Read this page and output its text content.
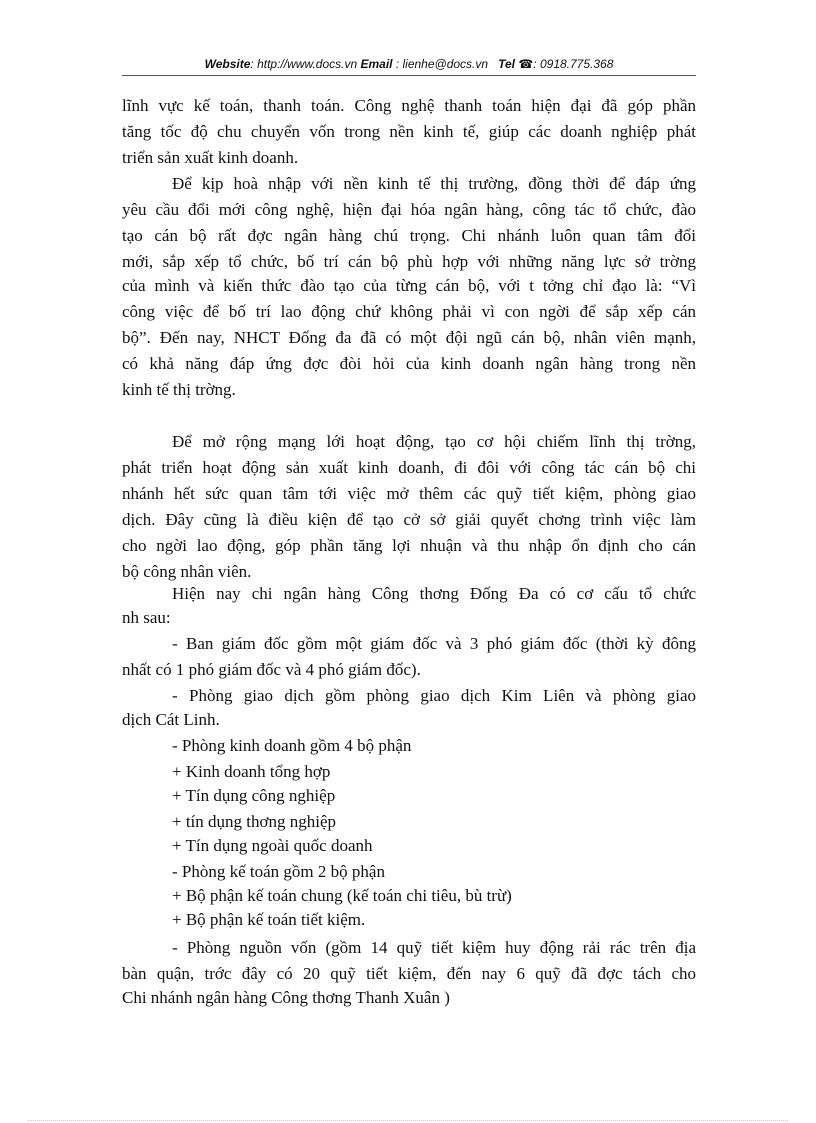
Website: http://www.docs.vn Email : lienhe@docs.vn Tel ☎: 0918.775.368
lĩnh vực kế toán, thanh toán. Công nghệ thanh toán hiện đại đã góp phần
tăng tốc độ chu chuyển vốn trong nền kinh tế, giúp các doanh nghiệp phát
triển sản xuất kinh doanh.
Để kịp hoà nhập với nền kinh tế thị trường, đồng thời để đáp ứng
yêu cầu đổi mới công nghệ, hiện đại hóa ngân hàng, công tác tổ chức, đào
tạo cán bộ rất đợc ngân hàng chú trọng. Chi nhánh luôn quan tâm đổi
mới, sắp xếp tổ chức, bố trí cán bộ phù hợp với những năng lực sở trờng
của mình và kiến thức đào tạo của từng cán bộ, với t tởng chỉ đạo là: “Vì
công việc để bố trí lao động chứ không phải vì con ngời để sắp xếp cán
bộ”. Đến nay, NHCT Đống đa đã có một đội ngũ cán bộ, nhân viên mạnh,
có khả năng đáp ứng đợc đòi hỏi của kinh doanh ngân hàng trong nền
kinh tế thị trờng.
Để mở rộng mạng lới hoạt động, tạo cơ hội chiếm lĩnh thị trờng,
phát triển hoạt động sản xuất kinh doanh, đi đôi với công tác cán bộ chi
nhánh hết sức quan tâm tới việc mở thêm các quỹ tiết kiệm, phòng giao
dịch. Đây cũng là điều kiện để tạo cở sở giải quyết chơng trình việc làm
cho ngời lao động, góp phần tăng lợi nhuận và thu nhập ổn định cho cán
bộ công nhân viên.
Hiện nay chi ngân hàng Công thơng Đống Đa có cơ cấu tổ chức
nh sau:
- Ban giám đốc gồm một giám đốc và 3 phó giám đốc (thời kỳ đông
nhất có 1 phó giám đốc và 4 phó giám đốc).
- Phòng giao dịch gồm phòng giao dịch Kim Liên và phòng giao
dịch Cát Linh.
- Phòng kinh doanh gồm 4 bộ phận
+ Kinh doanh tổng hợp
+ Tín dụng công nghiệp
+ tín dụng thơng nghiệp
+ Tín dụng ngoài quốc doanh
- Phòng kế toán gồm 2 bộ phận
+ Bộ phận kế toán chung (kế toán chi tiêu, bù trừ)
+ Bộ phận kế toán tiết kiệm.
- Phòng nguồn vốn (gồm 14 quỹ tiết kiệm huy động rải rác trên địa
bàn quận, trớc đây có 20 quỹ tiết kiệm, đến nay 6 quỹ đã đợc tách cho
Chi nhánh ngân hàng Công thơng Thanh Xuân )
